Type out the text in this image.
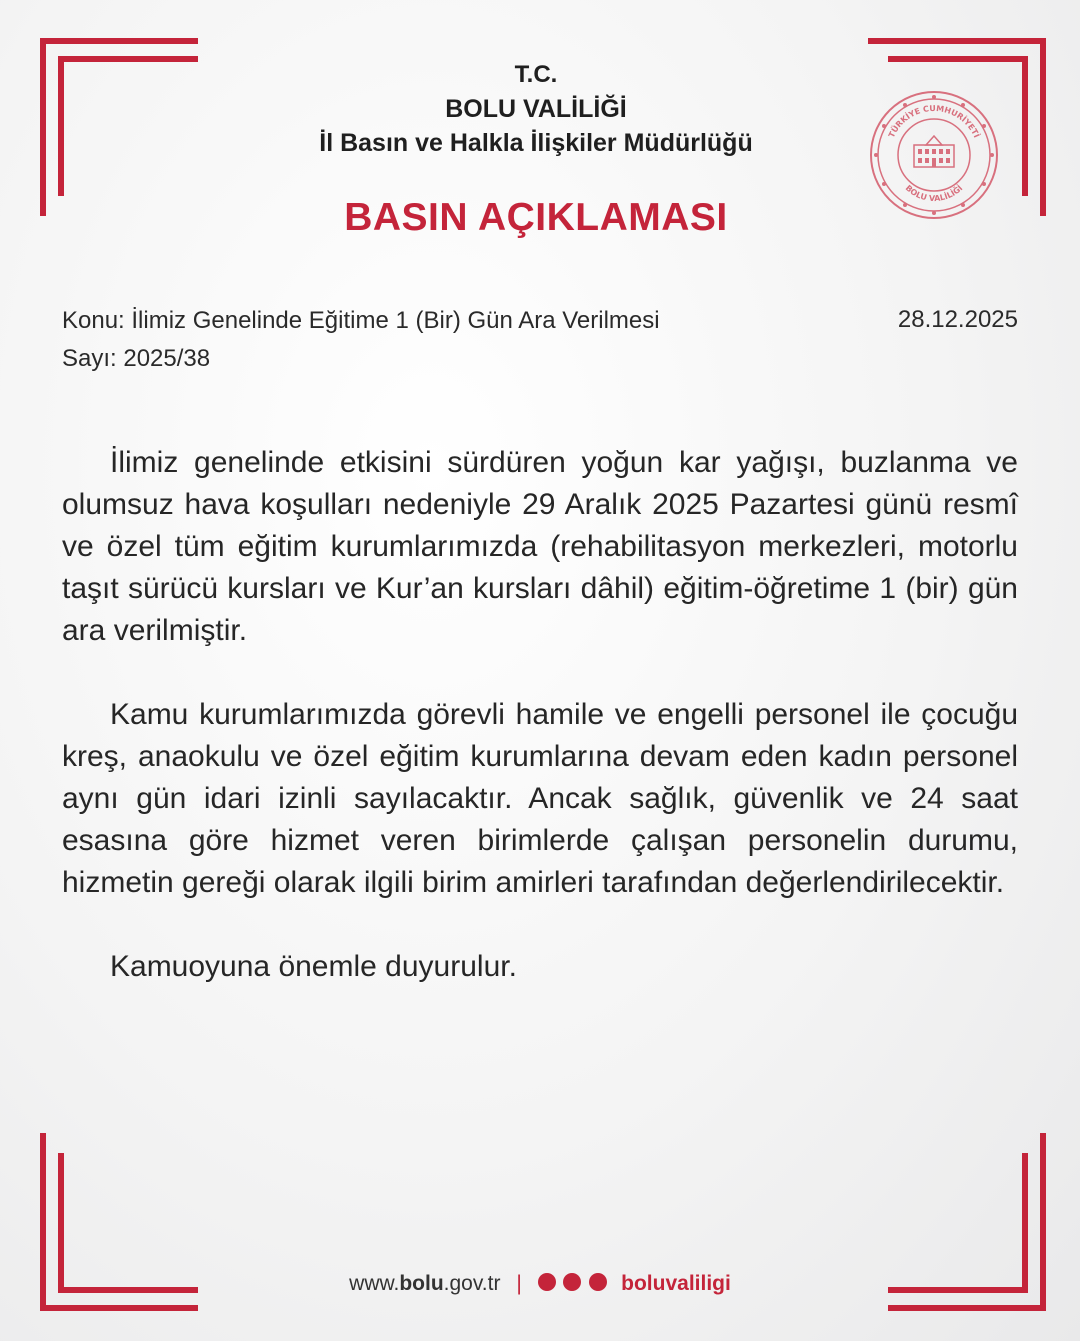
T.C.
BOLU VALİLİĞİ
İl Basın ve Halkla İlişkiler Müdürlüğü
BASIN AÇIKLAMASI
TÜRKİYE CUMHURİYETİ
BOLU VALİLİĞİ
Konu: İlimiz Genelinde Eğitime 1 (Bir) Gün Ara Verilmesi
Sayı: 2025/38
28.12.2025

İlimiz genelinde etkisini sürdüren yoğun kar yağışı, buzlanma ve olumsuz hava koşulları nedeniyle 29 Aralık 2025 Pazartesi günü resmî ve özel tüm eğitim kurumlarımızda (rehabilitasyon merkezleri, motorlu taşıt sürücü kursları ve Kur’an kursları dâhil) eğitim-öğretime 1 (bir) gün ara verilmiştir.

Kamu kurumlarımızda görevli hamile ve engelli personel ile çocuğu kreş, anaokulu ve özel eğitim kurumlarına devam eden kadın personel aynı gün idari izinli sayılacaktır. Ancak sağlık, güvenlik ve 24 saat esasına göre hizmet veren birimlerde çalışan personelin durumu, hizmetin gereği olarak ilgili birim amirleri tarafından değerlendirilecektir.

Kamuoyuna önemle duyurulur.

www.bolu.gov.tr |	boluvaliligi
